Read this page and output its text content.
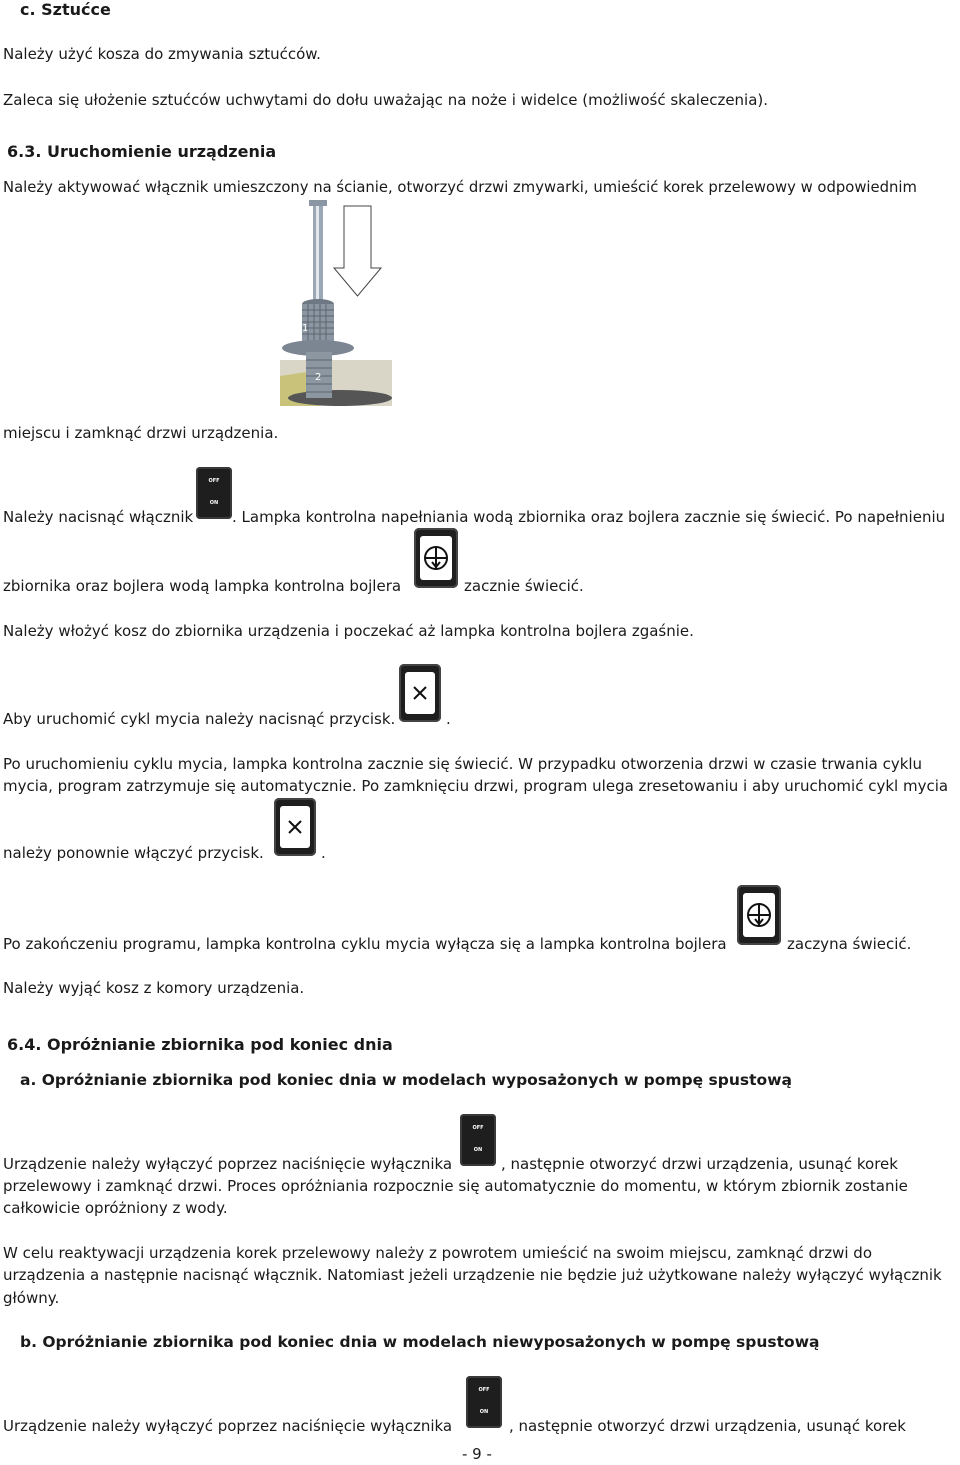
c. Sztućce
Należy użyć kosza do zmywania sztućców.
Zaleca się ułożenie sztućców uchwytami do dołu uważając na noże i widelce (możliwość skaleczenia).
6.3. Uruchomienie urządzenia
Należy aktywować włącznik umieszczony na ścianie, otworzyć drzwi zmywarki, umieścić korek przelewowy w odpowiednim
1
2
miejscu i zamknąć drzwi urządzenia.
Należy nacisnąć włącznik
OFF
ON
. Lampka kontrolna napełniania wodą zbiornika oraz bojlera zacznie się świecić. Po napełnieniu
zbiornika oraz bojlera wodą lampka kontrolna bojlera	zacznie świecić.
Należy włożyć kosz do zbiornika urządzenia i poczekać aż lampka kontrolna bojlera zgaśnie.
Aby uruchomić cykl mycia należy nacisnąć przycisk.	.
Po uruchomieniu cyklu mycia, lampka kontrolna zacznie się świecić. W przypadku otworzenia drzwi w czasie trwania cyklu
mycia, program zatrzymuje się automatycznie. Po zamknięciu drzwi, program ulega zresetowaniu i aby uruchomić cykl mycia
należy ponownie włączyć przycisk.	.
Po zakończeniu programu, lampka kontrolna cyklu mycia wyłącza się a lampka kontrolna bojlera	zaczyna świecić.
Należy wyjąć kosz z komory urządzenia.
6.4. Opróżnianie zbiornika pod koniec dnia
a. Opróżnianie zbiornika pod koniec dnia w modelach wyposażonych w pompę spustową
Urządzenie należy wyłączyć poprzez naciśnięcie wyłącznika
OFF
ON
, następnie otworzyć drzwi urządzenia, usunąć korek
przelewowy i zamknąć drzwi. Proces opróżniania rozpocznie się automatycznie do momentu, w którym zbiornik zostanie
całkowicie opróżniony z wody.
W celu reaktywacji urządzenia korek przelewowy należy z powrotem umieścić na swoim miejscu, zamknąć drzwi do
urządzenia a następnie nacisnąć włącznik. Natomiast jeżeli urządzenie nie będzie już użytkowane należy wyłączyć wyłącznik
główny.
b. Opróżnianie zbiornika pod koniec dnia w modelach niewyposażonych w pompę spustową
Urządzenie należy wyłączyć poprzez naciśnięcie wyłącznika
OFF
ON
, następnie otworzyć drzwi urządzenia, usunąć korek
- 9 -
